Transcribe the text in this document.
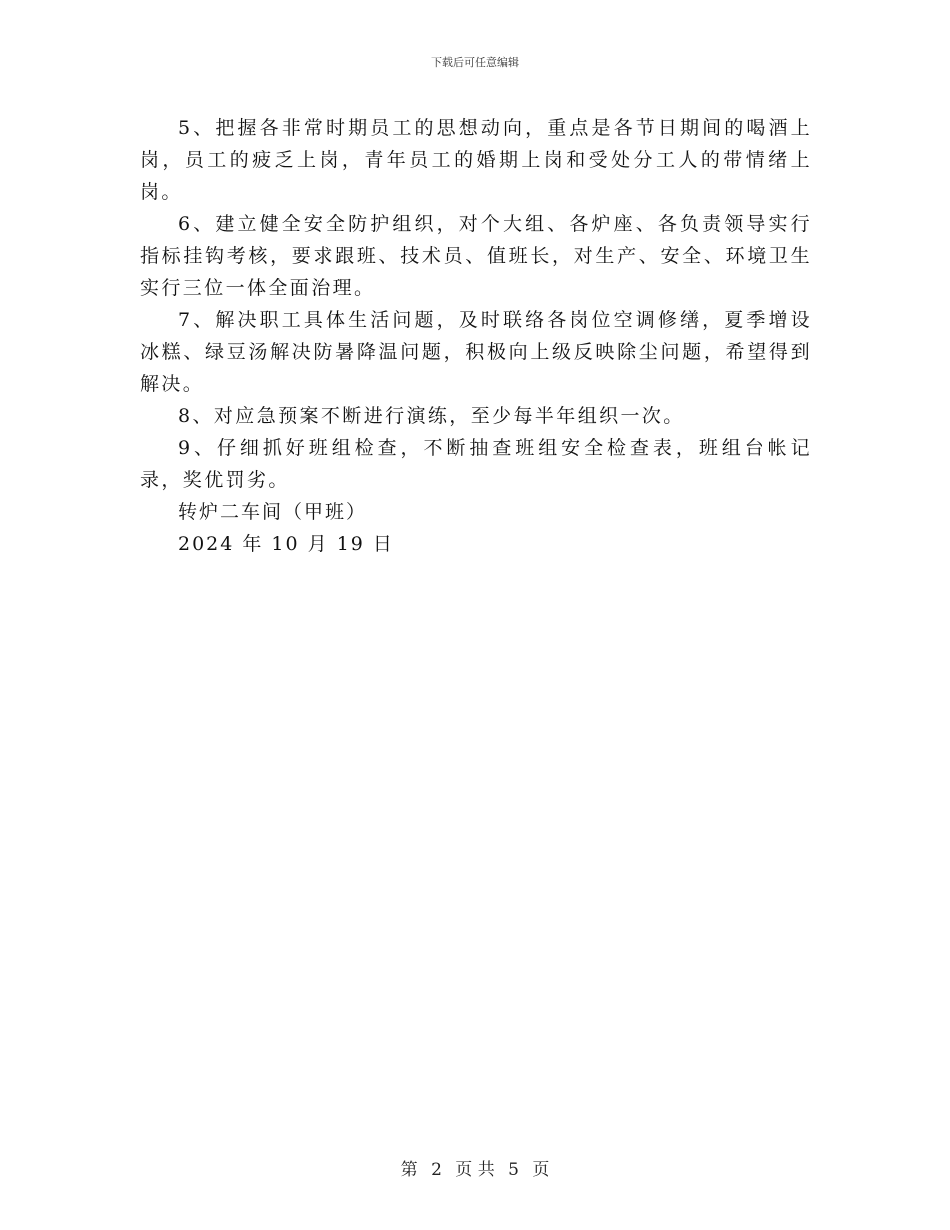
下载后可任意编辑

5、把握各非常时期员工的思想动向，重点是各节日期间的喝酒上岗，员工的疲乏上岗，青年员工的婚期上岗和受处分工人的带情绪上岗。

6、建立健全安全防护组织，对个大组、各炉座、各负责领导实行指标挂钩考核，要求跟班、技术员、值班长，对生产、安全、环境卫生实行三位一体全面治理。

7、解决职工具体生活问题，及时联络各岗位空调修缮，夏季增设冰糕、绿豆汤解决防暑降温问题，积极向上级反映除尘问题，希望得到解决。

8、对应急预案不断进行演练，至少每半年组织一次。

9、仔细抓好班组检查，不断抽查班组安全检查表，班组台帐记录，奖优罚劣。

转炉二车间（甲班）

2024 年 10 月 19 日

第 2 页 共 5 页
